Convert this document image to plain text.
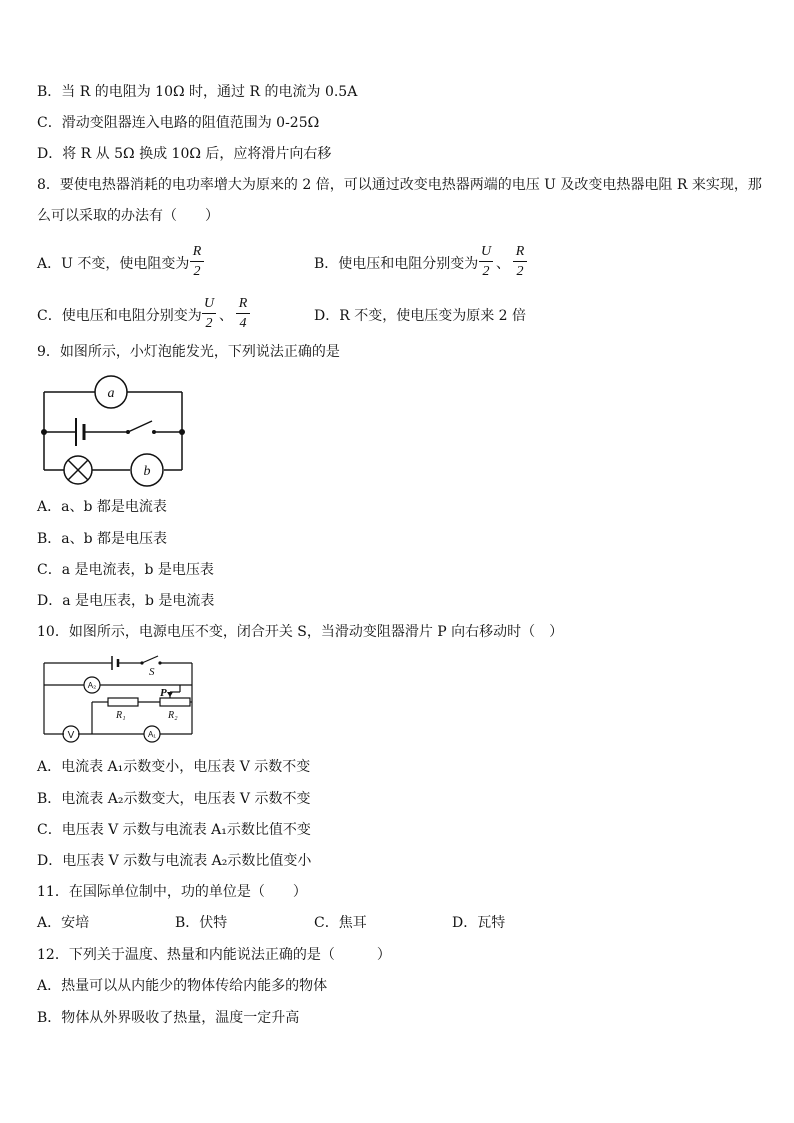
B．当 R 的电阻为 10Ω 时，通过 R 的电流为 0.5A
C．滑动变阻器连入电路的阻值范围为 0-25Ω
D．将 R 从 5Ω 换成 10Ω 后，应将滑片向右移
8．要使电热器消耗的电功率增大为原来的 2 倍，可以通过改变电热器两端的电压 U 及改变电热器电阻 R 来实现，那
么可以采取的办法有（　　）
A．U 不变，使电阻变为
R
2	B．使电压和电阻分别变为
U
2 、
R
2
C．使电压和电阻分别变为
U
2 、
R
4	D．R 不变，使电压变为原来 2 倍
9．如图所示，小灯泡能发光，下列说法正确的是
a
b
A．a、b 都是电流表
B．a、b 都是电压表
C．a 是电流表，b 是电压表
D．a 是电压表，b 是电流表
10．如图所示，电源电压不变，闭合开关 S，当滑动变阻器滑片 P 向右移动时（　）
S
P
R₁	R₂
A₂
A₁
V
A．电流表 A₁示数变小，电压表 V 示数不变
B．电流表 A₂示数变大，电压表 V 示数不变
C．电压表 V 示数与电流表 A₁示数比值不变
D．电压表 V 示数与电流表 A₂示数比值变小
11．在国际单位制中，功的单位是（　　）
A．安培	B．伏特	C．焦耳	D．瓦特
12．下列关于温度、热量和内能说法正确的是（　　　）
A．热量可以从内能少的物体传给内能多的物体
B．物体从外界吸收了热量，温度一定升高
